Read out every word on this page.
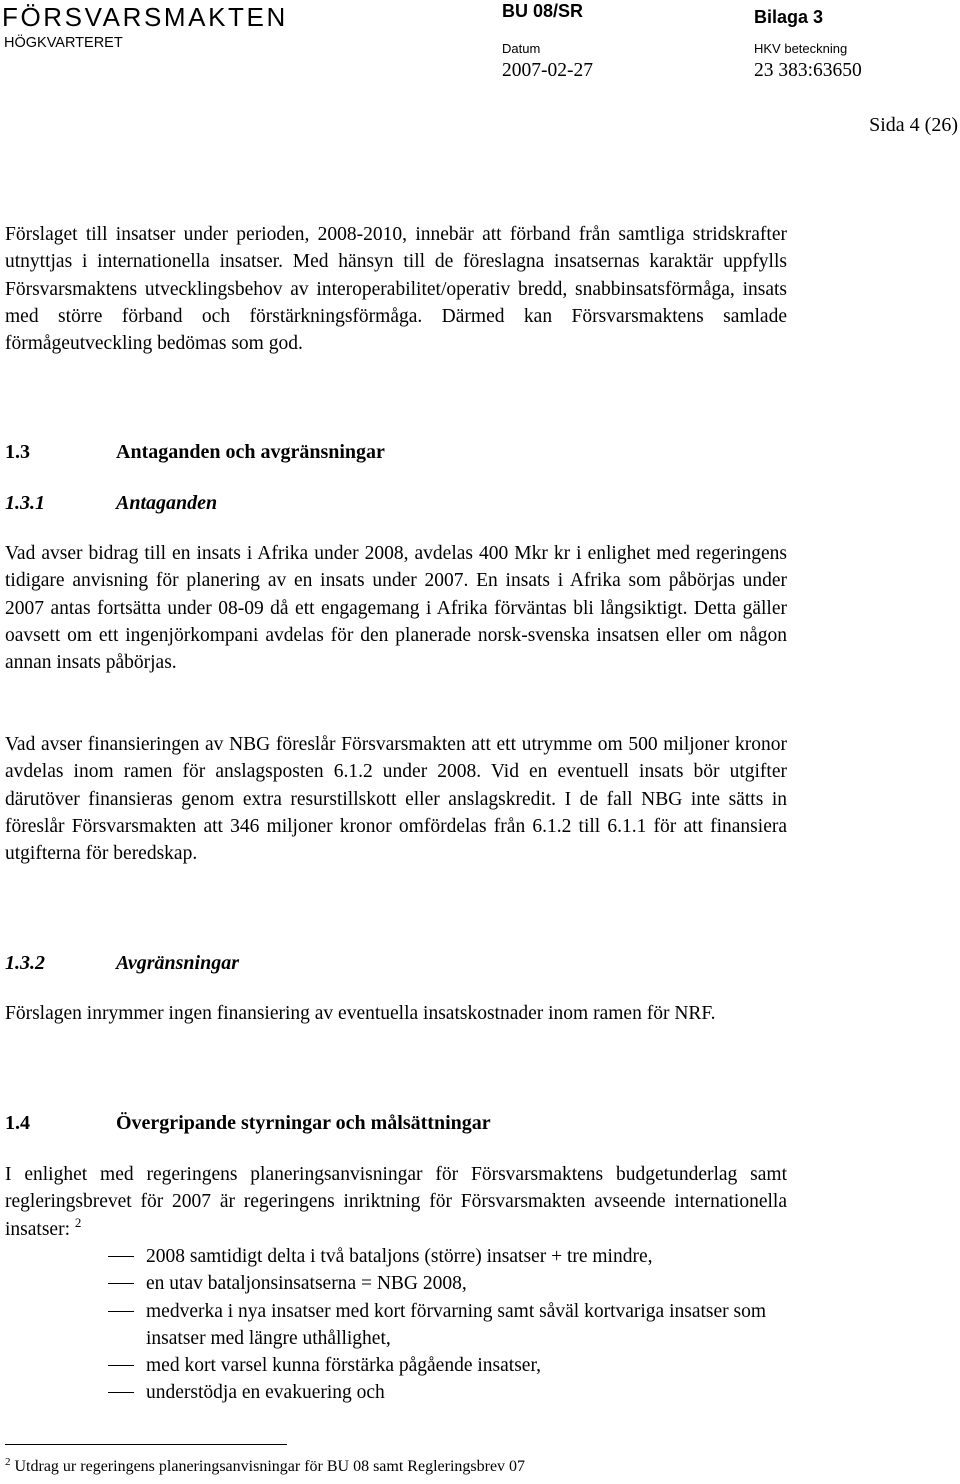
FÖRSVARSMAKTEN
HÖGKVARTERET
BU 08/SR	Bilaga 3
Datum	HKV beteckning
2007-02-27	23 383:63650
Sida 4 (26)

Förslaget till insatser under perioden, 2008-2010, innebär att förband från samtliga stridskrafter utnyttjas i internationella insatser. Med hänsyn till de föreslagna insatsernas karaktär uppfylls Försvarsmaktens utvecklingsbehov av interoperabilitet/operativ bredd, snabbinsatsförmåga, insats med större förband och förstärkningsförmåga. Därmed kan Försvarsmaktens samlade förmågeutveckling bedömas som god.

1.3	Antaganden och avgränsningar
1.3.1	Antaganden

Vad avser bidrag till en insats i Afrika under 2008, avdelas 400 Mkr kr i enlighet med regeringens tidigare anvisning för planering av en insats under 2007. En insats i Afrika som påbörjas under 2007 antas fortsätta under 08-09 då ett engagemang i Afrika förväntas bli långsiktigt. Detta gäller oavsett om ett ingenjörkompani avdelas för den planerade norsk-svenska insatsen eller om någon annan insats påbörjas.

Vad avser finansieringen av NBG föreslår Försvarsmakten att ett utrymme om 500 miljoner kronor avdelas inom ramen för anslagsposten 6.1.2 under 2008. Vid en eventuell insats bör utgifter därutöver finansieras genom extra resurstillskott eller anslagskredit. I de fall NBG inte sätts in föreslår Försvarsmakten att 346 miljoner kronor omfördelas från 6.1.2 till 6.1.1 för att finansiera utgifterna för beredskap.

1.3.2	Avgränsningar

Förslagen inrymmer ingen finansiering av eventuella insatskostnader inom ramen för NRF.

1.4	Övergripande styrningar och målsättningar

I enlighet med regeringens planeringsanvisningar för Försvarsmaktens budgetunderlag samt regleringsbrevet för 2007 är regeringens inriktning för Försvarsmakten avseende internationella insatser: $^2$

2008 samtidigt delta i två bataljons (större) insatser + tre mindre,
en utav bataljonsinsatserna = NBG 2008,
medverka i nya insatser med kort förvarning samt såväl kortvariga insatser som insatser med längre uthållighet,
med kort varsel kunna förstärka pågående insatser,
understödja en evakuering och
$^2$ Utdrag ur regeringens planeringsanvisningar för BU 08 samt Regleringsbrev 07
